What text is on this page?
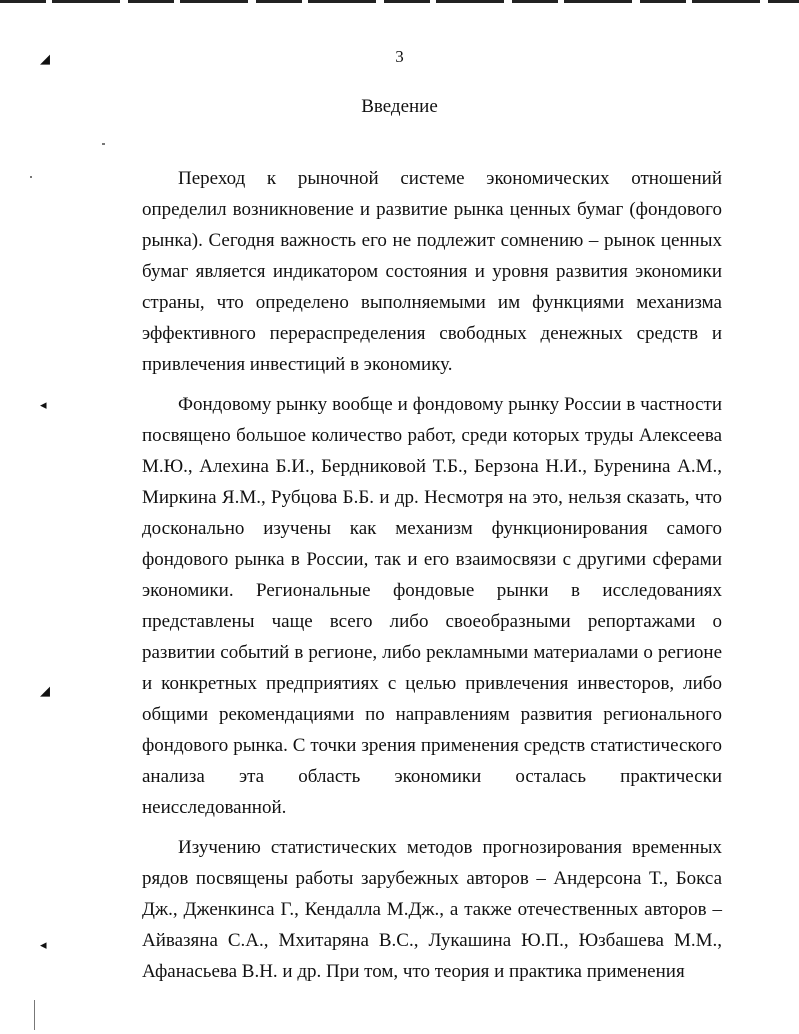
◢
◂
◢
◂
3
Введение

Переход к рыночной системе экономических отношений определил возникновение и развитие рынка ценных бумаг (фондового рынка). Сегодня важность его не подлежит сомнению – рынок ценных бумаг является индикатором состояния и уровня развития экономики страны, что определено выполняемыми им функциями механизма эффективного перераспределения свободных денежных средств и привлечения инвестиций в экономику.

Фондовому рынку вообще и фондовому рынку России в частности посвящено большое количество работ, среди которых труды Алексеева М.Ю., Алехина Б.И., Бердниковой Т.Б., Берзона Н.И., Буренина А.М., Миркина Я.М., Рубцова Б.Б. и др. Несмотря на это, нельзя сказать, что досконально изучены как механизм функционирования самого фондового рынка в России, так и его взаимосвязи с другими сферами экономики. Региональные фондовые рынки в исследованиях представлены чаще всего либо своеобразными репортажами о развитии событий в регионе, либо рекламными материалами о регионе и конкретных предприятиях с целью привлечения инвесторов, либо общими рекомендациями по направлениям развития регионального фондового рынка. С точки зрения применения средств статистического анализа эта область экономики осталась практически неисследованной.

Изучению статистических методов прогнозирования временных рядов посвящены работы зарубежных авторов – Андерсона Т., Бокса Дж., Дженкинса Г., Кендалла М.Дж., а также отечественных авторов – Айвазяна С.А., Мхитаряна В.С., Лукашина Ю.П., Юзбашева М.М., Афанасьева В.Н. и др. При том, что теория и практика применения
